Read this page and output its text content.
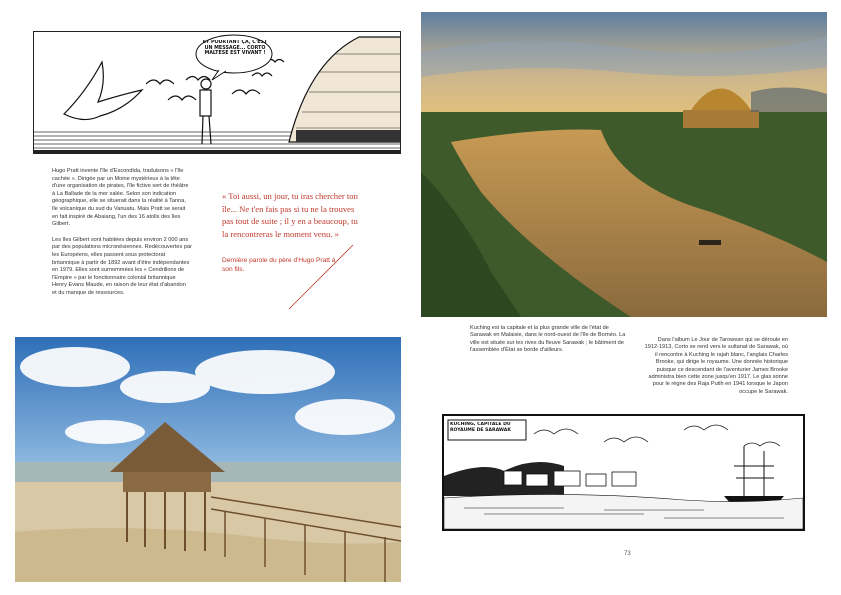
ET POURTANT ÇA, C'EST UN MESSAGE... CORTO MALTESE EST VIVANT !

Hugo Pratt invente l'île d'Escondida, traduisons « l'île cachée ». Dirigée par un Moine mystérieux à la tête d'une organisation de pirates, l'île fictive sert de théâtre à La Ballade de la mer salée. Selon son indication géographique, elle se situerait dans la réalité à Tanna, île volcanique du sud du Vanuatu. Mais Pratt se serait en fait inspiré de Abaiang, l'un des 16 atolls des îles Gilbert.

Les îles Gilbert sont habitées depuis environ 2 000 ans par des populations micronésiennes. Redécouvertes par les Européens, elles passent sous protectorat britannique à partir de 1892 avant d'être indépendantes en 1979. Elles sont surnommées les « Cendrillons de l'Empire » par le fonctionnaire colonial britannique Henry Evans Maude, en raison de leur état d'abandon et du manque de ressources.

« Toi aussi, un jour, tu iras chercher ton île... Ne t'en fais pas si tu ne la trouves pas tout de suite ; il y en a beaucoup, tu la rencontreras le moment venu. »
Dernière parole du père d'Hugo Pratt à son fils.
Kuching est la capitale et la plus grande ville de l'état de Sarawak en Malaisie, dans le nord-ouest de l'île de Bornéo. La ville est située sur les rives du fleuve Sarawak ; le bâtiment de l'assemblée d'État se borde d'ailleurs.
Dans l'album Le Jour de Tarowean qui se déroule en 1912-1913, Corto se rend vers le sultanat de Sarawak, où il rencontre à Kuching le rajah blanc, l'anglais Charles Brooke, qui dirige le royaume. Une donnée historique puisque ce descendant de l'aventurier James Brooke administra bien cette zone jusqu'en 1917. Le glas sonne pour le règne des Raja Putih en 1941 lorsque le Japon occupe le Sarawak.
KUCHING, CAPITALE DU ROYAUME DE SARAWAK
73
